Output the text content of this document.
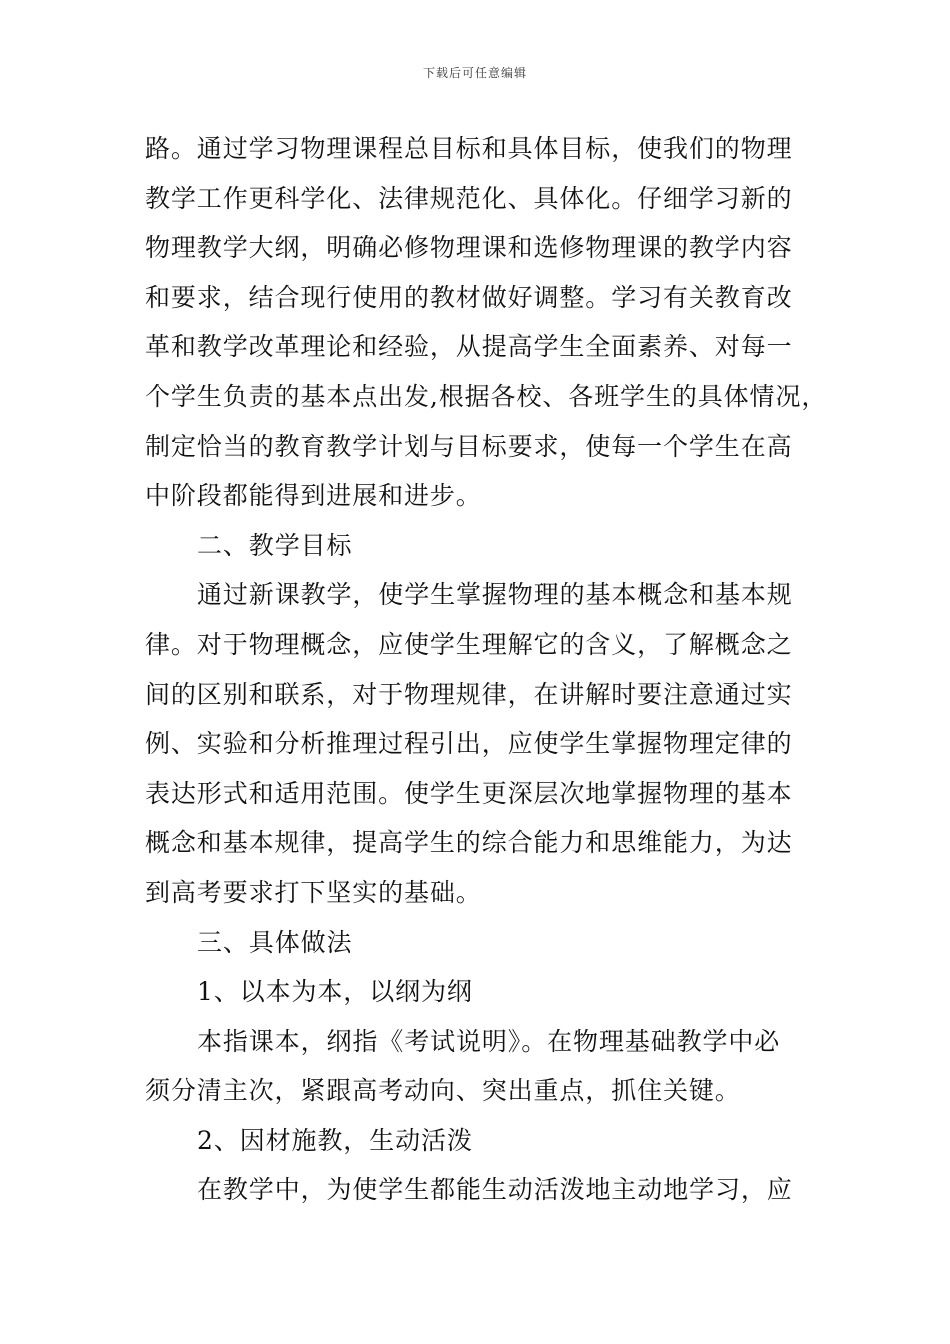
下载后可任意编辑
路。通过学习物理课程总目标和具体目标，使我们的物理
教学工作更科学化、法律规范化、具体化。仔细学习新的
物理教学大纲，明确必修物理课和选修物理课的教学内容
和要求，结合现行使用的教材做好调整。学习有关教育改
革和教学改革理论和经验，从提高学生全面素养、对每一
个学生负责的基本点出发,根据各校、各班学生的具体情况，
制定恰当的教育教学计划与目标要求，使每一个学生在高
中阶段都能得到进展和进步。
二、教学目标
通过新课教学，使学生掌握物理的基本概念和基本规
律。对于物理概念，应使学生理解它的含义，了解概念之
间的区别和联系，对于物理规律，在讲解时要注意通过实
例、实验和分析推理过程引出，应使学生掌握物理定律的
表达形式和适用范围。使学生更深层次地掌握物理的基本
概念和基本规律，提高学生的综合能力和思维能力，为达
到高考要求打下坚实的基础。
三、具体做法
1、以本为本，以纲为纲
本指课本，纲指《考试说明》。在物理基础教学中必
须分清主次，紧跟高考动向、突出重点，抓住关键。
2、因材施教，生动活泼
在教学中，为使学生都能生动活泼地主动地学习，应
